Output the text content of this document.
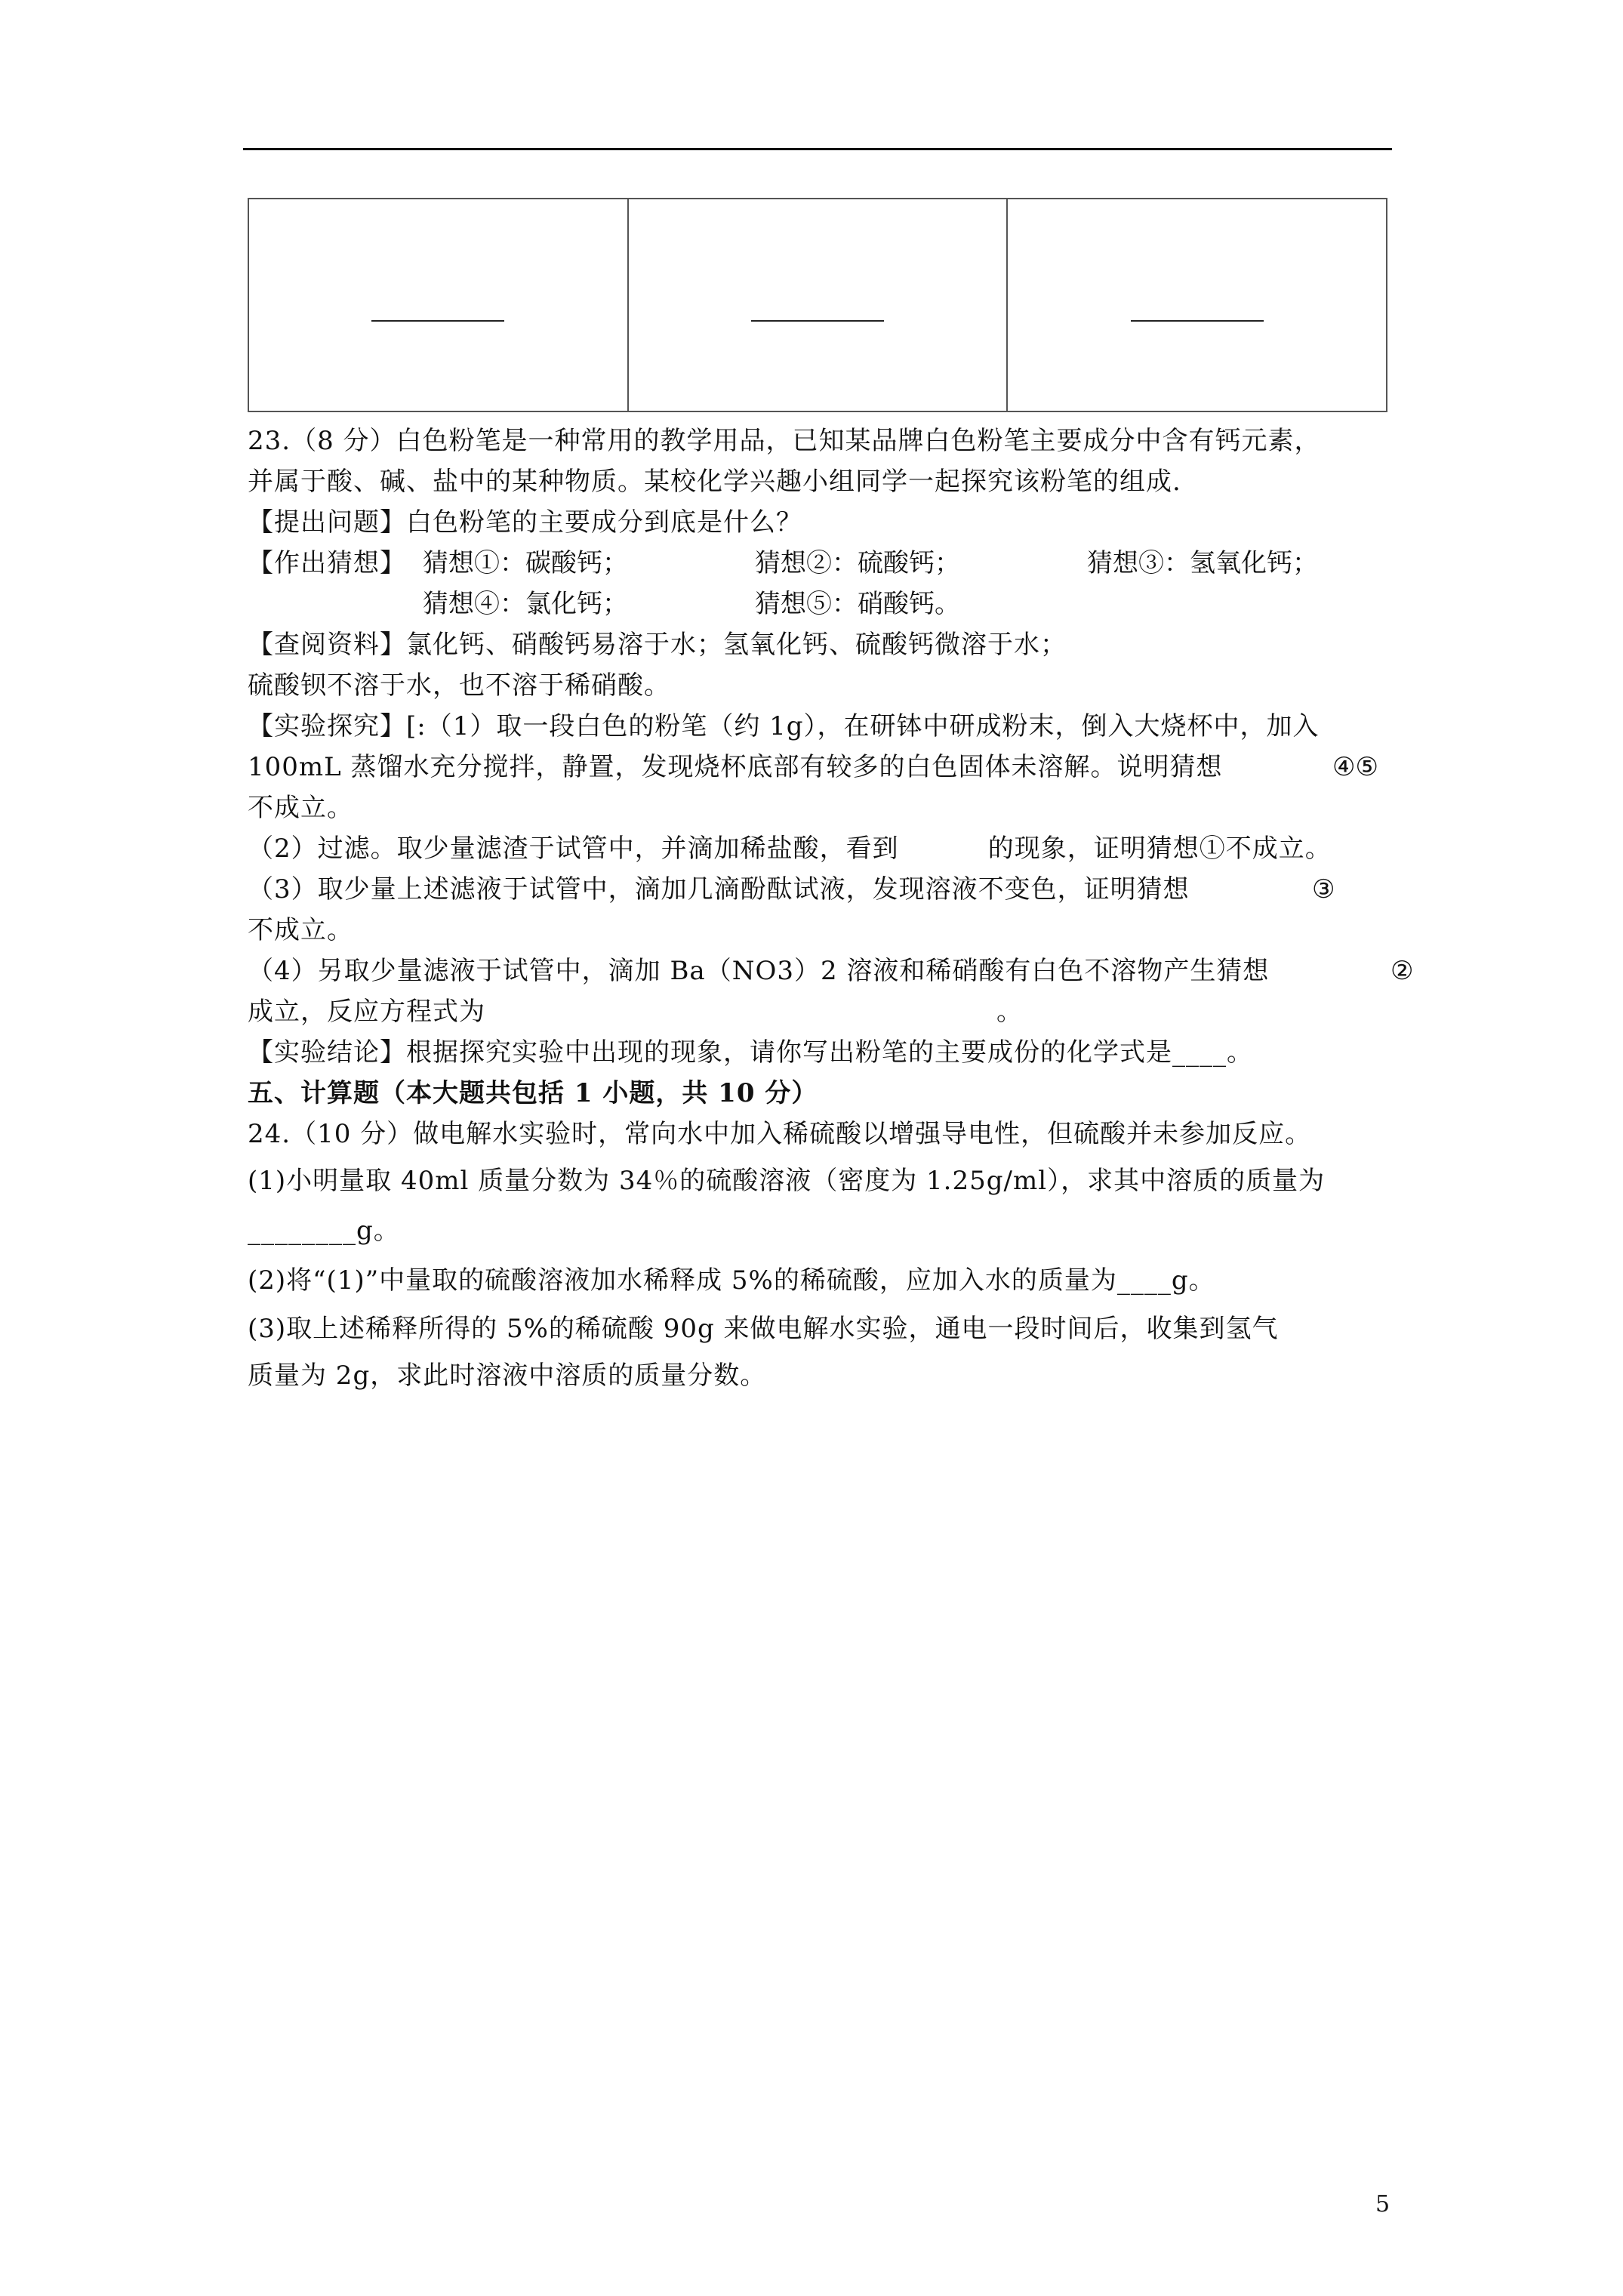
23.（8 分）白色粉笔是一种常用的教学用品，已知某品牌白色粉笔主要成分中含有钙元素，
并属于酸、碱、盐中的某种物质。某校化学兴趣小组同学一起探究该粉笔的组成.
【提出问题】白色粉笔的主要成分到底是什么？
【作出猜想】 猜想①：碳酸钙；	猜想②：硫酸钙；	猜想③：氢氧化钙；
猜想④：氯化钙；	猜想⑤：硝酸钙。
【查阅资料】氯化钙、硝酸钙易溶于水；氢氧化钙、硫酸钙微溶于水；
硫酸钡不溶于水，也不溶于稀硝酸。
【实验探究】[:（1）取一段白色的粉笔（约 1g），在研钵中研成粉末，倒入大烧杯中，加入
100mL 蒸馏水充分搅拌，静置，发现烧杯底部有较多的白色固体未溶解。说明猜想	④⑤
不成立。
（2）过滤。取少量滤渣于试管中，并滴加稀盐酸，看到          的现象，证明猜想①不成立。
（3）取少量上述滤液于试管中，滴加几滴酚酞试液，发现溶液不变色，证明猜想	③
不成立。
（4）另取少量滤液于试管中，滴加 Ba（NO3）2 溶液和稀硝酸有白色不溶物产生猜想	②
成立，反应方程式为	。
【实验结论】根据探究实验中出现的现象，请你写出粉笔的主要成份的化学式是____。
五、计算题（本大题共包括 1 小题，共 10 分）
24.（10 分）做电解水实验时，常向水中加入稀硫酸以增强导电性，但硫酸并未参加反应。
(1)小明量取 40ml 质量分数为 34％的硫酸溶液（密度为 1.25g/ml），求其中溶质的质量为
________g。
(2)将“(1)”中量取的硫酸溶液加水稀释成 5%的稀硫酸，应加入水的质量为____g。
(3)取上述稀释所得的 5%的稀硫酸 90g 来做电解水实验，通电一段时间后，收集到氢气
质量为 2g，求此时溶液中溶质的质量分数。
5
